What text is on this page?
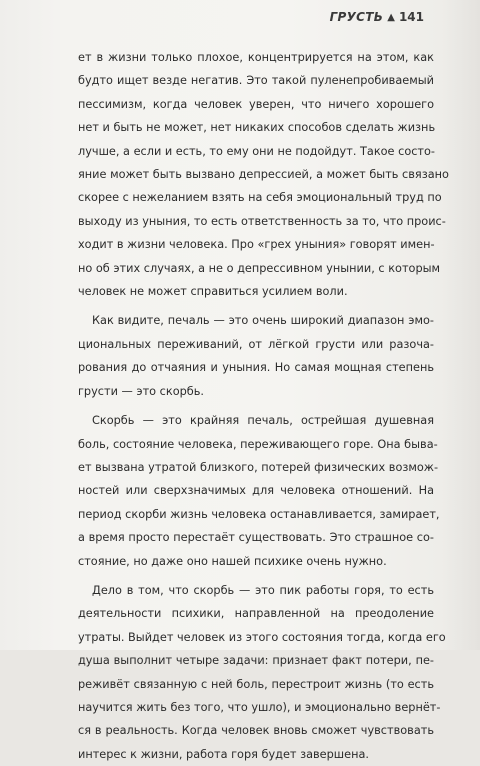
ГРУСТЬ ▲ 141

ет в жизни только плохое, концентрируется на этом, как
будто ищет везде негатив. Это такой пуленепробиваемый
пессимизм, когда человек уверен, что ничего хорошего
нет и быть не может, нет никаких способов сделать жизнь
лучше, а если и есть, то ему они не подойдут. Такое состо-
яние может быть вызвано депрессией, а может быть связано
скорее с нежеланием взять на себя эмоциональный труд по
выходу из уныния, то есть ответственность за то, что проис-
ходит в жизни человека. Про «грех уныния» говорят имен-
но об этих случаях, а не о депрессивном унынии, с которым
человек не может справиться усилием воли.

Как видите, печаль — это очень широкий диапазон эмо-
циональных переживаний, от лёгкой грусти или разоча-
рования до отчаяния и уныния. Но самая мощная степень
грусти — это скорбь.

Скорбь — это крайняя печаль, острейшая душевная
боль, состояние человека, переживающего горе. Она быва-
ет вызвана утратой близкого, потерей физических возмож-
ностей или сверхзначимых для человека отношений. На
период скорби жизнь человека останавливается, замирает,
а время просто перестаёт существовать. Это страшное со-
стояние, но даже оно нашей психике очень нужно.

Дело в том, что скорбь — это пик работы горя, то есть
деятельности психики, направленной на преодоление
утраты. Выйдет человек из этого состояния тогда, когда его
душа выполнит четыре задачи: признает факт потери, пе-
реживёт связанную с ней боль, перестроит жизнь (то есть
научится жить без того, что ушло), и эмоционально вернёт-
ся в реальность. Когда человек вновь сможет чувствовать
интерес к жизни, работа горя будет завершена.
